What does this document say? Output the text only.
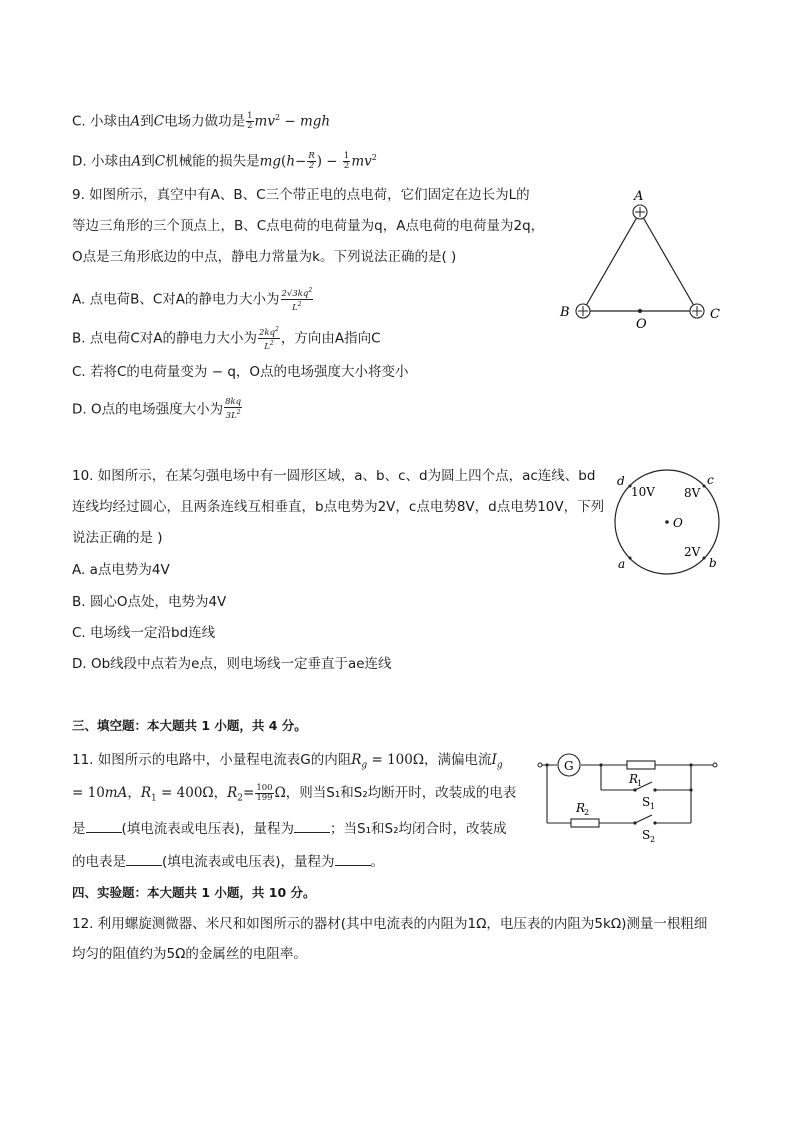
C. 小球由A到C电场力做功是 $\frac{1}{2} mv^2$ − mgh
D. 小球由A到C机械能的损失是$mg(h- \frac{R}{2}$ ) − $\frac{1}{2} mv^2$
9. 如图所示，真空中有A、B、C三个带正电的点电荷，它们固定在边长为L的
等边三角形的三个顶点上，B、C点电荷的电荷量为q，A点电荷的电荷量为2q，
O点是三角形底边的中点，静电力常量为k。下列说法正确的是( )
A. 点电荷B、C对A的静电力大小为 $\frac{2√3kq^2}{L^2}$
B. 点电荷C对A的静电力大小为 $\frac{2kq^2}{L^2}$ ，方向由A指向C
C. 若将C的电荷量变为 − q，O点的电场强度大小将变小
D. O点的电场强度大小为 $\frac{8kq}{3L^2}$
A
B	C
O
10. 如图所示，在某匀强电场中有一圆形区域，a、b、c、d为圆上四个点，ac连线、bd
连线均经过圆心，且两条连线互相垂直，b点电势为2V，c点电势8V，d点电势10V，下列
说法正确的是 )
A. a点电势为4V
B. 圆心O点处，电势为4V
C. 电场线一定沿bd连线
D. Ob线段中点若为e点，则电场线一定垂直于ae连线
d	c
a	b
O
10V 8V
2V
三、填空题：本大题共 1 小题，共 4 分。
11. 如图所示的电路中，小量程电流表G的内阻$R_g = 100\Omega$，满偏电流$I_g$
= 10mA，$R_1 = 400\Omega$，$R_2= \frac{100}{199}$ Ω，则当S₁和S₂均断开时，改装成的电表
是	(填电流表或电压表)，量程为	；当S₁和S₂均闭合时，改装成
的电表是	(填电流表或电压表)，量程为	。
G
R
1
R
2
S 1
S 2
四、实验题：本大题共 1 小题，共 10 分。
12. 利用螺旋测微器、米尺和如图所示的器材(其中电流表的内阻为1Ω，电压表的内阻为5kΩ)测量一根粗细
均匀的阻值约为5Ω的金属丝的电阻率。
